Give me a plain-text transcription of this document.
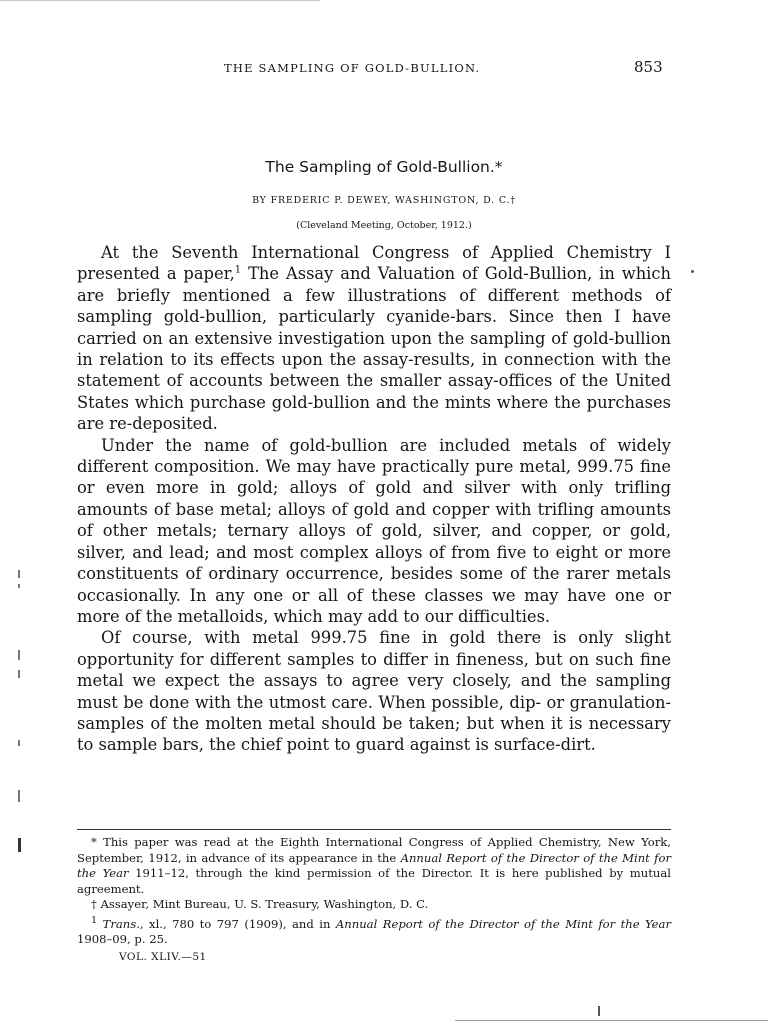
THE SAMPLING OF GOLD-BULLION.	853
The Sampling of Gold-Bullion.*
BY FREDERIC P. DEWEY, WASHINGTON, D. C.†
(Cleveland Meeting, October, 1912.)

At the Seventh International Congress of Applied Chemistry I presented a paper,$^1$ The Assay and Valuation of Gold-Bullion, in which are briefly mentioned a few illustrations of different methods of sampling gold-bullion, particularly cyanide-bars. Since then I have carried on an extensive investigation upon the sampling of gold-bullion in relation to its effects upon the assay-results, in connection with the statement of accounts between the smaller assay-offices of the United States which purchase gold-bullion and the mints where the purchases are re-deposited.

Under the name of gold-bullion are included metals of widely different composition. We may have practically pure metal, 999.75 fine or even more in gold; alloys of gold and silver with only trifling amounts of base metal; alloys of gold and copper with trifling amounts of other metals; ternary alloys of gold, silver, and copper, or gold, silver, and lead; and most complex alloys of from five to eight or more constituents of ordinary occurrence, besides some of the rarer metals occasionally. In any one or all of these classes we may have one or more of the metalloids, which may add to our difficulties.

Of course, with metal 999.75 fine in gold there is only slight opportunity for different samples to differ in fineness, but on such fine metal we expect the assays to agree very closely, and the sampling must be done with the utmost care. When possible, dip- or granulation-samples of the molten metal should be taken; but when it is necessary to sample bars, the chief point to guard against is surface-dirt.

* This paper was read at the Eighth International Congress of Applied Chemistry, New York, September, 1912, in advance of its appearance in the Annual Report of the Director of the Mint for the Year 1911–12, through the kind permission of the Director. It is here published by mutual agreement.

† Assayer, Mint Bureau, U. S. Treasury, Washington, D. C.

$^1$ Trans., xl., 780 to 797 (1909), and in Annual Report of the Director of the Mint for the Year 1908–09, p. 25.

VOL. XLIV.—51
